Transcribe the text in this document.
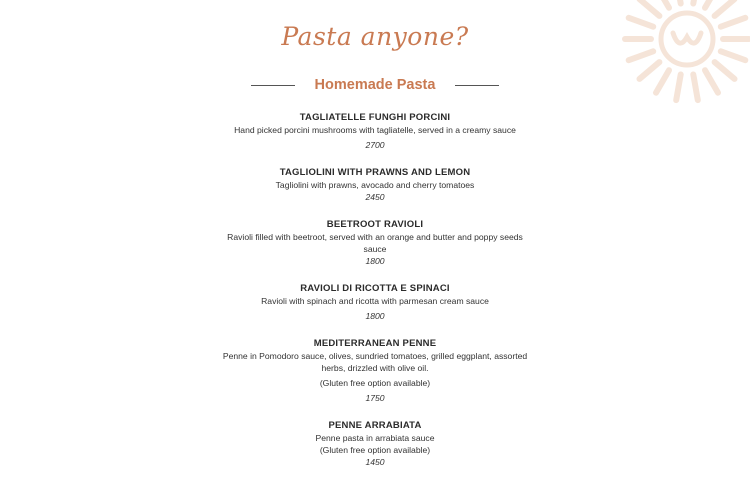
Pasta anyone?
Homemade Pasta
TAGLIATELLE FUNGHI PORCINI
Hand picked porcini mushrooms with tagliatelle, served in a creamy sauce
2700
TAGLIOLINI WITH PRAWNS AND LEMON
Tagliolini with prawns, avocado and cherry tomatoes
2450
BEETROOT RAVIOLI
Ravioli filled with beetroot, served with an orange and butter and poppy seeds sauce
1800
RAVIOLI DI RICOTTA E SPINACI
Ravioli with spinach and ricotta with parmesan cream sauce
1800
MEDITERRANEAN PENNE
Penne in Pomodoro sauce, olives, sundried tomatoes, grilled eggplant, assorted herbs, drizzled with olive oil.
(Gluten free option available)
1750
PENNE ARRABIATA
Penne pasta in arrabiata sauce
(Gluten free option available)
1450
